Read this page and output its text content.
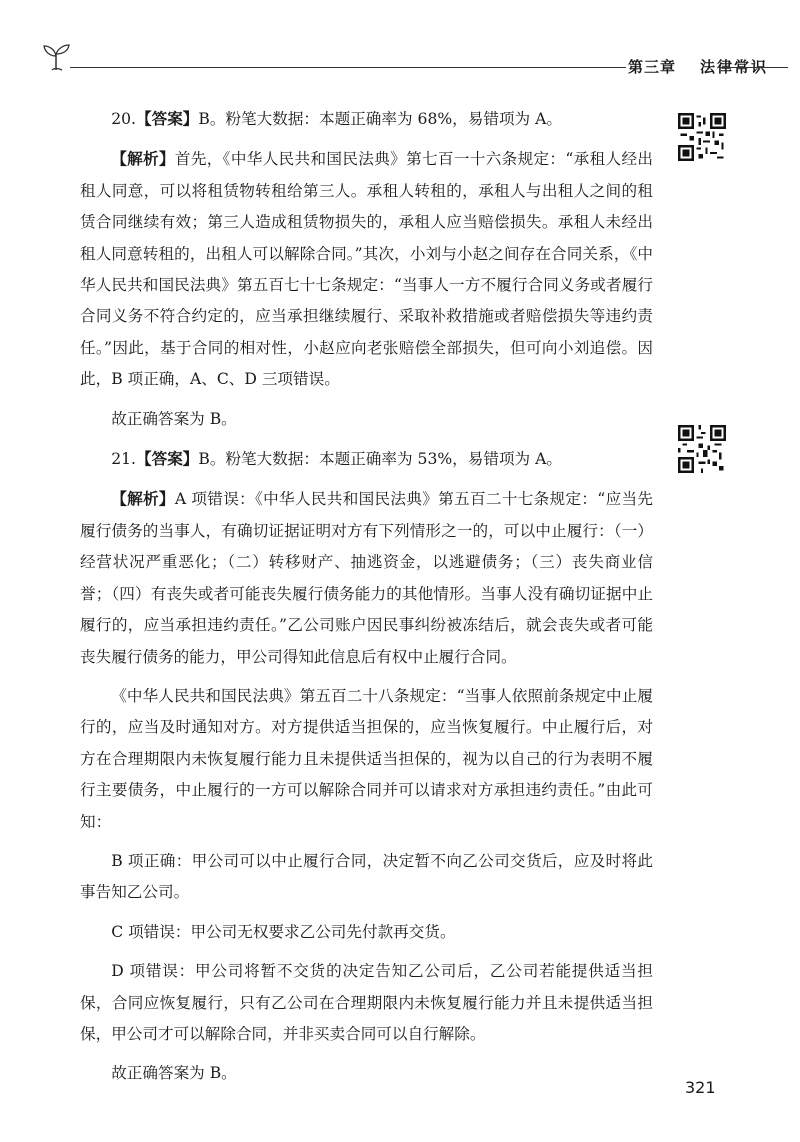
第三章 法律常识

20.【答案】B。粉笔大数据：本题正确率为 68%，易错项为 A。

【解析】首先，《中华人民共和国民法典》第七百一十六条规定：“承租人经出租人同意，可以将租赁物转租给第三人。承租人转租的，承租人与出租人之间的租赁合同继续有效；第三人造成租赁物损失的，承租人应当赔偿损失。承租人未经出租人同意转租的，出租人可以解除合同。”其次，小刘与小赵之间存在合同关系，《中华人民共和国民法典》第五百七十七条规定：“当事人一方不履行合同义务或者履行合同义务不符合约定的，应当承担继续履行、采取补救措施或者赔偿损失等违约责任。”因此，基于合同的相对性，小赵应向老张赔偿全部损失，但可向小刘追偿。因此，B 项正确，A、C、D 三项错误。

故正确答案为 B。

21.【答案】B。粉笔大数据：本题正确率为 53%，易错项为 A。

【解析】A 项错误：《中华人民共和国民法典》第五百二十七条规定：“应当先履行债务的当事人，有确切证据证明对方有下列情形之一的，可以中止履行：（一）经营状况严重恶化；（二）转移财产、抽逃资金，以逃避债务；（三）丧失商业信誉；（四）有丧失或者可能丧失履行债务能力的其他情形。当事人没有确切证据中止履行的，应当承担违约责任。”乙公司账户因民事纠纷被冻结后，就会丧失或者可能丧失履行债务的能力，甲公司得知此信息后有权中止履行合同。

《中华人民共和国民法典》第五百二十八条规定：“当事人依照前条规定中止履行的，应当及时通知对方。对方提供适当担保的，应当恢复履行。中止履行后，对方在合理期限内未恢复履行能力且未提供适当担保的，视为以自己的行为表明不履行主要债务，中止履行的一方可以解除合同并可以请求对方承担违约责任。”由此可知：

B 项正确：甲公司可以中止履行合同，决定暂不向乙公司交货后，应及时将此事告知乙公司。

C 项错误：甲公司无权要求乙公司先付款再交货。

D 项错误：甲公司将暂不交货的决定告知乙公司后，乙公司若能提供适当担保，合同应恢复履行，只有乙公司在合理期限内未恢复履行能力并且未提供适当担保，甲公司才可以解除合同，并非买卖合同可以自行解除。

故正确答案为 B。

321
